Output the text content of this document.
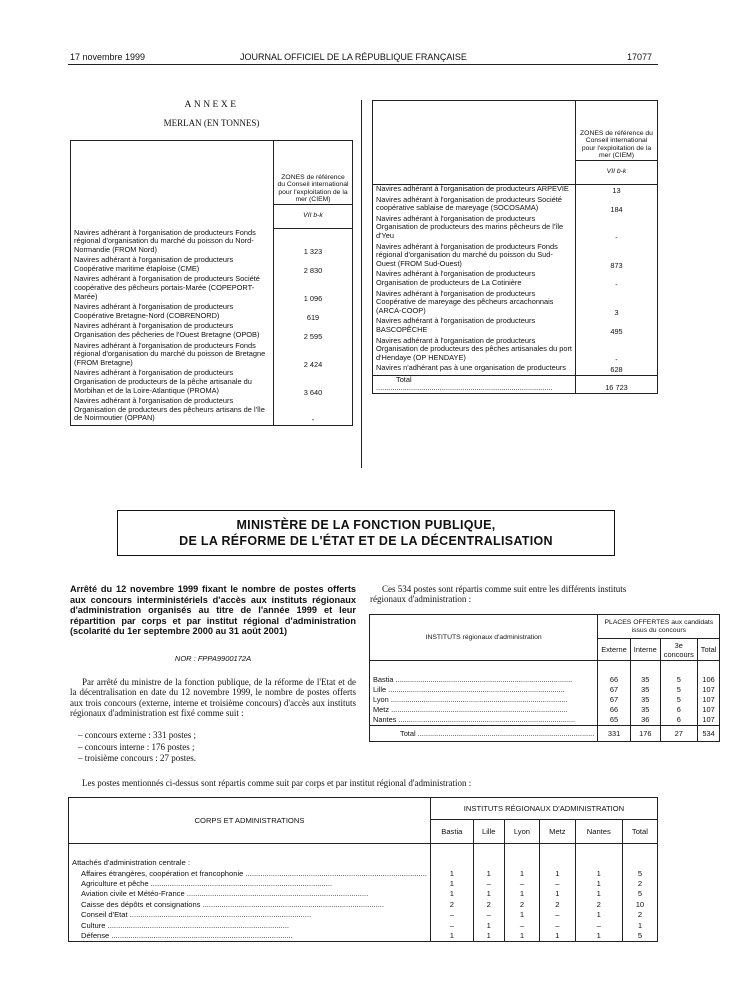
17 novembre 1999	JOURNAL OFFICIEL DE LA RÉPUBLIQUE FRANÇAISE	17077
ANNEXE
MERLAN (EN TONNES)
	ZONES de référence du Conseil international pour l'exploitation de la mer (CIEM)
	VII b-k
Navires adhérant à l'organisation de producteurs Fonds régional d'organisation du marché du poisson du Nord-Normandie (FROM Nord)	1 323
Navires adhérant à l'organisation de producteurs Coopérative maritime étaploise (CME)	2 830
Navires adhérant à l'organisation de producteurs Société coopérative des pêcheurs portais-Marée (COPEPORT-Marée)	1 096
Navires adhérant à l'organisation de producteurs Coopérative Bretagne-Nord (COBRENORD)	619
Navires adhérant à l'organisation de producteurs Organisation des pêcheries de l'Ouest Bretagne (OPOB)	2 595
Navires adhérant à l'organisation de producteurs Fonds régional d'organisation du marché du poisson de Bretagne (FROM Bretagne)	2 424
Navires adhérant à l'organisation de producteurs Organisation de producteurs de la pêche artisanale du Morbihan et de la Loire-Atlantique (PROMA)	3 640
Navires adhérant à l'organisation de producteurs Organisation de producteurs des pêcheurs artisans de l'île de Noirmoutier (OPPAN)	-
	ZONES de référence du Conseil international pour l'exploitation de la mer (CIEM)
	VII b-k
Navires adhérant à l'organisation de producteurs ARPEVIE	13
Navires adhérant à l'organisation de producteurs Société coopérative sablaise de mareyage (SOCOSAMA)	184
Navires adhérant à l'organisation de producteurs Organisation de producteurs des marins pêcheurs de l'île d'Yeu	-
Navires adhérant à l'organisation de producteurs Fonds régional d'organisation du marché du poisson du Sud-Ouest (FROM Sud-Ouest)	873
Navires adhérant à l'organisation de producteurs Organisation de producteurs de La Cotinière	-
Navires adhérant à l'organisation de producteurs Coopérative de mareyage des pêcheurs arcachonnais (ARCA-COOP)	3
Navires adhérant à l'organisation de producteurs BASCOPÊCHE	495
Navires adhérant à l'organisation de producteurs Organisation de producteurs des pêches artisanales du port d'Hendaye (OP HENDAYE)	-
Navires n'adhérant pas à une organisation de producteurs	628
Total .....	16 723
MINISTÈRE DE LA FONCTION PUBLIQUE,
DE LA RÉFORME DE L'ÉTAT ET DE LA DÉCENTRALISATION
Arrêté du 12 novembre 1999 fixant le nombre de postes offerts aux concours interministériels d'accès aux instituts régionaux d'administration organisés au titre de l'année 1999 et leur répartition par corps et par institut régional d'administration (scolarité du 1er septembre 2000 au 31 août 2001)
NOR : FPPA9900172A
Par arrêté du ministre de la fonction publique, de la réforme de l'Etat et de la décentralisation en date du 12 novembre 1999, le nombre de postes offerts aux trois concours (externe, interne et troisième concours) d'accès aux instituts régionaux d'administration est fixé comme suit :
– concours externe : 331 postes ;
– concours interne : 176 postes ;
– troisième concours : 27 postes.
Ces 534 postes sont répartis comme suit entre les différents instituts régionaux d'administration :
INSTITUTS régionaux d'administration	PLACES OFFERTES aux candidats issus du concours			
	Externe	Interne	3e concours	Total

Bastia .....	66	35	5	106
Lille .....	67	35	5	107
Lyon .....	67	35	5	107
Metz .....	66	35	6	107
Nantes .....	65	36	6	107
Total .....	331	176	27	534
Les postes mentionnés ci-dessus sont répartis comme suit par corps et par institut régional d'administration :
CORPS ET ADMINISTRATIONS	INSTITUTS RÉGIONAUX D'ADMINISTRATION					
	Bastia	Lille	Lyon	Metz	Nantes	Total

Attachés d'administration centrale :						
Affaires étrangères, coopération et francophonie .....	1	1	1	1	1	5
Agriculture et pêche .....	1	–	–	–	1	2
Aviation civile et Météo-France .....	1	1	1	1	1	5
Caisse des dépôts et consignations .....	2	2	2	2	2	10
Conseil d'Etat .....	–	–	1	–	1	2
Culture .....	–	1	–	–	–	1
Défense .....	1	1	1	1	1	5
